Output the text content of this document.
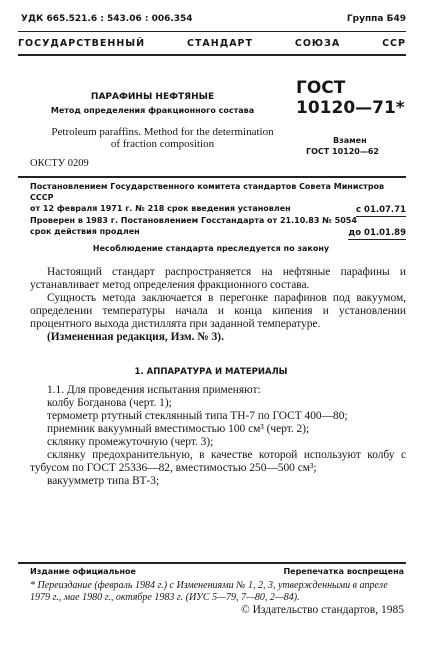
УДК 665.521.6 : 543.06 : 006.354	Группа Б49
ГОСУДАРСТВЕННЫЙ СТАНДАРТ СОЮЗА ССР
ПАРАФИНЫ НЕФТЯНЫЕ
Метод определения фракционного состава
Petroleum paraffins. Method for the determination
of fraction composition
ГОСТ
10120—71*
Взамен
ГОСТ 10120—62
ОКСТУ 0209
Постановлением Государственного комитета стандартов Совета Министров СССР
от 12 февраля 1971 г. № 218 срок введения установлен	с 01.07.71
Проверен в 1983 г. Постановлением Госстандарта от 21.10.83 № 5054
срок действия продлен	до 01.01.89
Несоблюдение стандарта преследуется по закону

Настоящий стандарт распространяется на нефтяные парафины и устанавливает метод определения фракционного состава.

Сущность метода заключается в перегонке парафинов под вакуумом, определении температуры начала и конца кипения и установлении процентного выхода дистиллята при заданной температуре.

(Измененная редакция, Изм. № 3).

1. АППАРАТУРА И МАТЕРИАЛЫ

1.1. Для проведения испытания применяют:

колбу Богданова (черт. 1);

термометр ртутный стеклянный типа ТН-7 по ГОСТ 400—80;

приемник вакуумный вместимостью 100 см³ (черт. 2);

склянку промежуточную (черт. 3);

склянку предохранительную, в качестве которой используют колбу с тубусом по ГОСТ 25336—82, вместимостью 250—500 см³;

вакуумметр типа ВТ-3;

Издание официальное	Перепечатка воспрещена
* Переиздание (февраль 1984 г.) с Изменениями № 1, 2, 3, утвержденными в апреле 1979 г., мае 1980 г., октябре 1983 г. (ИУС 5—79, 7—80, 2—84).
© Издательство стандартов, 1985
